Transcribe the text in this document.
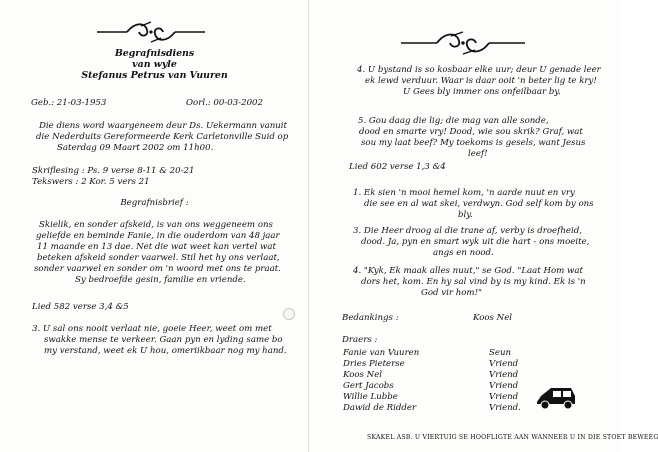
Begrafnisdiens
van wyle
Stefanus Petrus van Vuuren
Geb.: 21-03-1953	Oorl.: 00-03-2002
Die diens word waargeneem deur Ds. Uekermann vanuit
die Nederduits Gereformeerde Kerk Carletonville Suid op
Saterdag 09 Maart 2002 om 11h00.
Skriflesing : Ps. 9 verse 8-11 & 20-21
Tekswers : 2 Kor. 5 vers 21
Begrafnisbrief :
Skielik, en sonder afskeid, is van ons weggeneem ons
geliefde en beminde Fanie, in die ouderdom van 48 jaar
11 maande en 13 dae. Net die wat weet kan vertel wat
beteken afskeid sonder vaarwel. Stil het hy ons verlaat,
sonder vaarwel en sonder om 'n woord met ons te praat.
Sy bedroefde gesin, familie en vriende.
Lied 582 verse 3,4 &5
3. U sal ons nooit verlaat nie, goeie Heer, weet om met
swakke mense te verkeer. Gaan pyn en lyding same bo
my verstand, weet ek U hou, omeriikbaar nog my hand.
4. U bystand is so kosbaar elke uur; deur U genade leer
ek lewd verduur. Waar is daar ooit 'n beter lig te kry!
U Gees bly immer ons onfeilbaar by.
5. Gou daag die lig; die mag van alle sonde,
dood en smarte vry! Dood, wie sou skrik? Graf, wat
sou my laat beef? My toekoms is gesels, want Jesus
leef!
Lied 602 verse 1,3 &4
1. Ek sien 'n mooi hemel kom, 'n aarde nuut en vry
die see en al wat skei, verdwyn. God self kom by ons
bly.
3. Die Heer droog al die trane af, verby is droefheid,
dood. Ja, pyn en smart wyk uit die hart - ons moeite,
angs en nood.
4. "Kyk, Ek maak alles nuut," se God. "Laat Hom wat
dors het, kom. En hy sal vind by is my kind. Ek is 'n
God vir hom!"
Bedankings :	Koos Nel
Draers :
Fanie van Vuuren	Seun
Dries Pieterse	Vriend
Koos Nel	Vriend
Gert Jacobs	Vriend
Willie Lubbe	Vriend
Dawid de Ridder	Vriend.
SKAKEL ASB. U VIERTUIG SE HOOFLIGTE AAN WANNEER U IN DIE STOET BEWEEG
